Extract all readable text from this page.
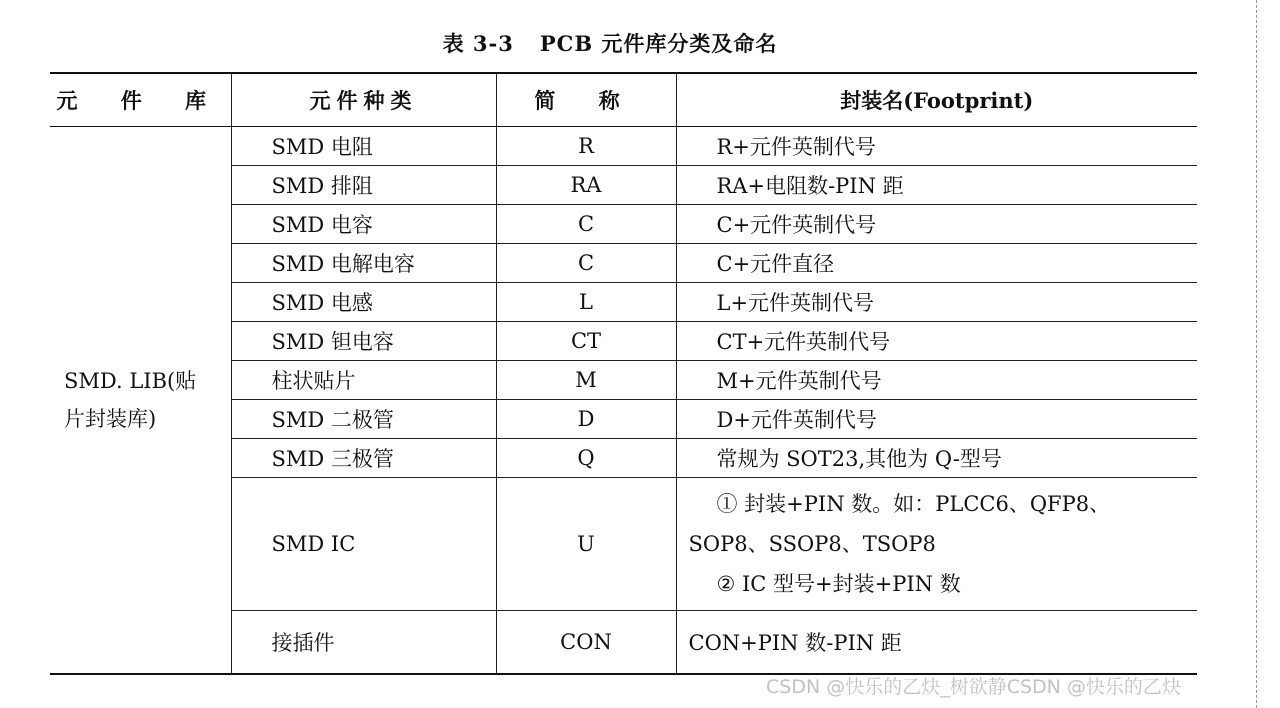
表 3-3 PCB 元件库分类及命名
元 件 库	元件种类	简 称	封装名(Footprint)

SMD. LIB(贴
片封装库)	SMD 电阻	R	R+元件英制代号
	SMD 排阻	RA	RA+电阻数-PIN 距
	SMD 电容	C	C+元件英制代号
	SMD 电解电容	C	C+元件直径
	SMD 电感	L	L+元件英制代号
	SMD 钽电容	CT	CT+元件英制代号
	柱状贴片	M	M+元件英制代号
	SMD 二极管	D	D+元件英制代号
	SMD 三极管	Q	常规为 SOT23,其他为 Q-型号
	SMD IC	U	① 封装+PIN 数。如：PLCC6、QFP8、
SOP8、SSOP8、TSOP8
② IC 型号+封装+PIN 数

	接插件	CON	CON+PIN 数-PIN 距
CSDN @快乐的乙炔_树欲静CSDN @快乐的乙炔
